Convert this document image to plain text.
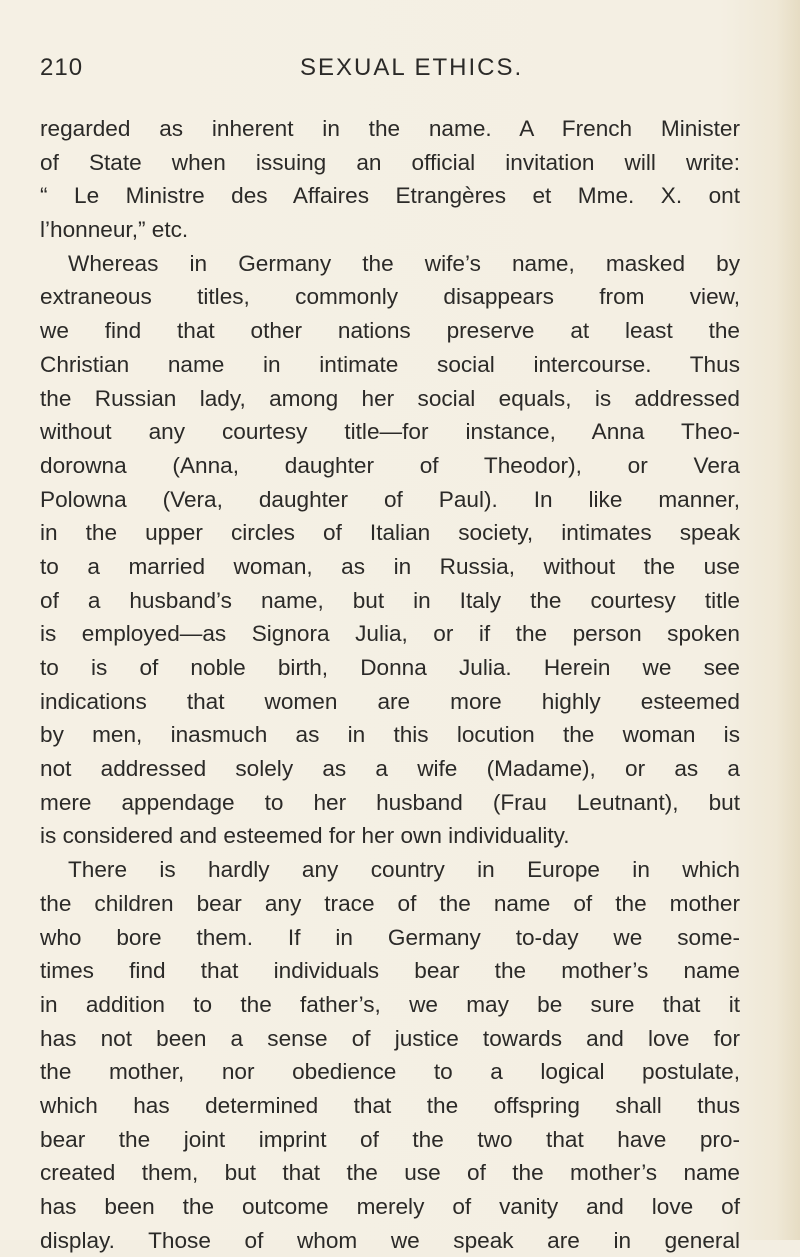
210	SEXUAL ETHICS.
regarded as inherent in the name. A French Minister
of State when issuing an official invitation will write:
“ Le Ministre des Affaires Etrangères et Mme. X. ont
l’honneur,” etc.
Whereas in Germany the wife’s name, masked by
extraneous titles, commonly disappears from view,
we find that other nations preserve at least the
Christian name in intimate social intercourse. Thus
the Russian lady, among her social equals, is addressed
without any courtesy title—for instance, Anna Theo-
dorowna (Anna, daughter of Theodor), or Vera
Polowna (Vera, daughter of Paul). In like manner,
in the upper circles of Italian society, intimates speak
to a married woman, as in Russia, without the use
of a husband’s name, but in Italy the courtesy title
is employed—as Signora Julia, or if the person spoken
to is of noble birth, Donna Julia. Herein we see
indications that women are more highly esteemed
by men, inasmuch as in this locution the woman is
not addressed solely as a wife (Madame), or as a
mere appendage to her husband (Frau Leutnant), but
is considered and esteemed for her own individuality.
There is hardly any country in Europe in which
the children bear any trace of the name of the mother
who bore them. If in Germany to-day we some-
times find that individuals bear the mother’s name
in addition to the father’s, we may be sure that it
has not been a sense of justice towards and love for
the mother, nor obedience to a logical postulate,
which has determined that the offspring shall thus
bear the joint imprint of the two that have pro-
created them, but that the use of the mother’s name
has been the outcome merely of vanity and love of
display. Those of whom we speak are in general
